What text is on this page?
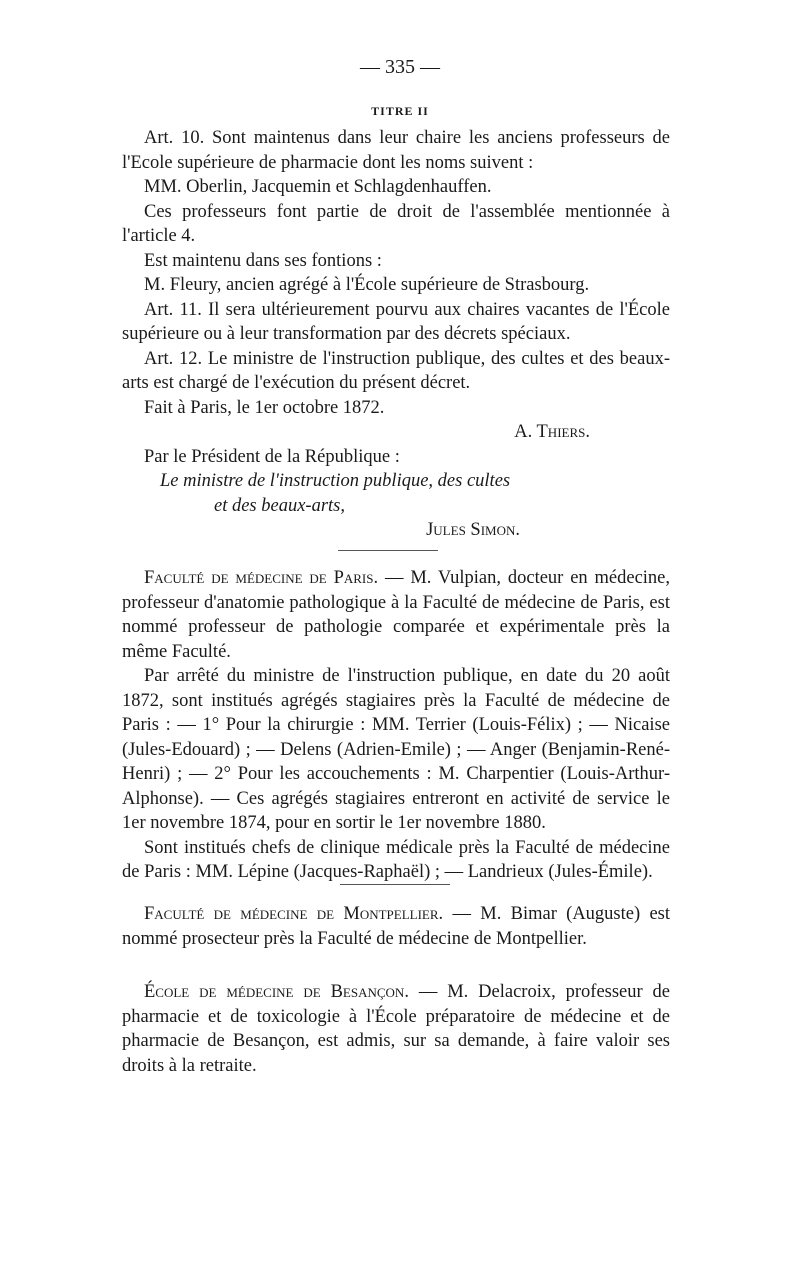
— 335 —
TITRE II

Art. 10. Sont maintenus dans leur chaire les anciens professeurs de l'Ecole supérieure de pharmacie dont les noms suivent :

MM. Oberlin, Jacquemin et Schlagdenhauffen.

Ces professeurs font partie de droit de l'assemblée mentionnée à l'article 4.

Est maintenu dans ses fontions :

M. Fleury, ancien agrégé à l'École supérieure de Strasbourg.

Art. 11. Il sera ultérieurement pourvu aux chaires vacantes de l'École supérieure ou à leur transformation par des décrets spéciaux.

Art. 12. Le ministre de l'instruction publique, des cultes et des beaux-arts est chargé de l'exécution du présent décret.

Fait à Paris, le 1er octobre 1872.

A. Thiers.

Par le Président de la République :

Le ministre de l'instruction publique, des cultes

et des beaux-arts,

Jules Simon.

Faculté de médecine de Paris. — M. Vulpian, docteur en médecine, professeur d'anatomie pathologique à la Faculté de médecine de Paris, est nommé professeur de pathologie comparée et expérimentale près la même Faculté.

Par arrêté du ministre de l'instruction publique, en date du 20 août 1872, sont institués agrégés stagiaires près la Faculté de médecine de Paris : — 1° Pour la chirurgie : MM. Terrier (Louis-Félix) ; — Nicaise (Jules-Edouard) ; — Delens (Adrien-Emile) ; — Anger (Benjamin-René-Henri) ; — 2° Pour les accouchements : M. Charpentier (Louis-Arthur-Alphonse). — Ces agrégés stagiaires entreront en activité de service le 1er novembre 1874, pour en sortir le 1er novembre 1880.

Sont institués chefs de clinique médicale près la Faculté de médecine de Paris : MM. Lépine (Jacques-Raphaël) ; — Landrieux (Jules-Émile).

Faculté de médecine de Montpellier. — M. Bimar (Auguste) est nommé prosecteur près la Faculté de médecine de Montpellier.

École de médecine de Besançon. — M. Delacroix, professeur de pharmacie et de toxicologie à l'École préparatoire de médecine et de pharmacie de Besançon, est admis, sur sa demande, à faire valoir ses droits à la retraite.
